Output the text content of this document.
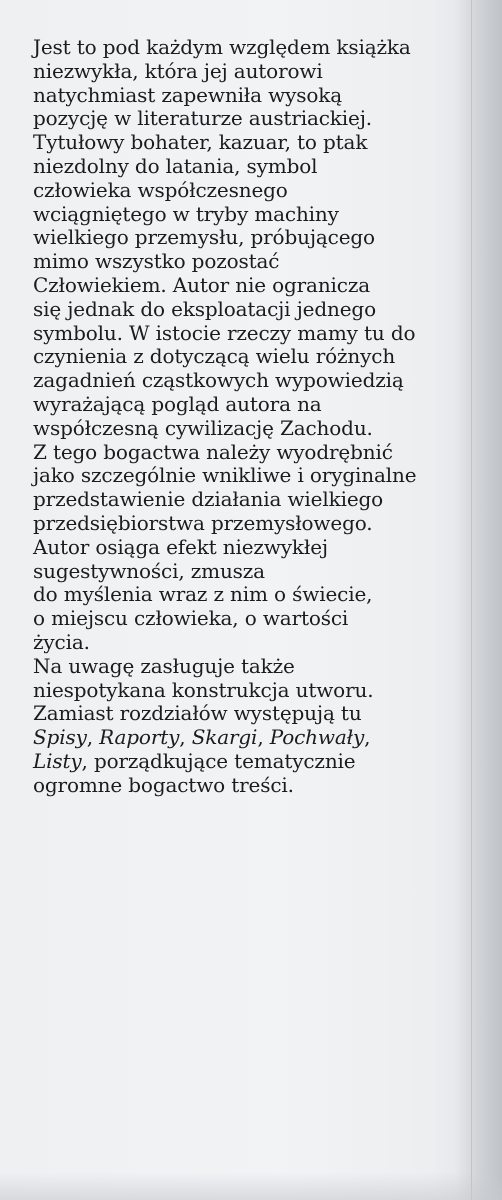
Jest to pod każdym względem książka
niezwykła, która jej autorowi
natychmiast zapewniła wysoką
pozycję w literaturze austriackiej.
Tytułowy bohater, kazuar, to ptak
niezdolny do latania, symbol
człowieka współczesnego
wciągniętego w tryby machiny
wielkiego przemysłu, próbującego
mimo wszystko pozostać
Człowiekiem. Autor nie ogranicza
się jednak do eksploatacji jednego
symbolu. W istocie rzeczy mamy tu do
czynienia z dotyczącą wielu różnych
zagadnień cząstkowych wypowiedzią
wyrażającą pogląd autora na
współczesną cywilizację Zachodu.
Z tego bogactwa należy wyodrębnić
jako szczególnie wnikliwe i oryginalne
przedstawienie działania wielkiego
przedsiębiorstwa przemysłowego.
Autor osiąga efekt niezwykłej
sugestywności, zmusza
do myślenia wraz z nim o świecie,
o miejscu człowieka, o wartości
życia.
Na uwagę zasługuje także
niespotykana konstrukcja utworu.
Zamiast rozdziałów występują tu
Spisy, Raporty, Skargi, Pochwały,
Listy, porządkujące tematycznie
ogromne bogactwo treści.
